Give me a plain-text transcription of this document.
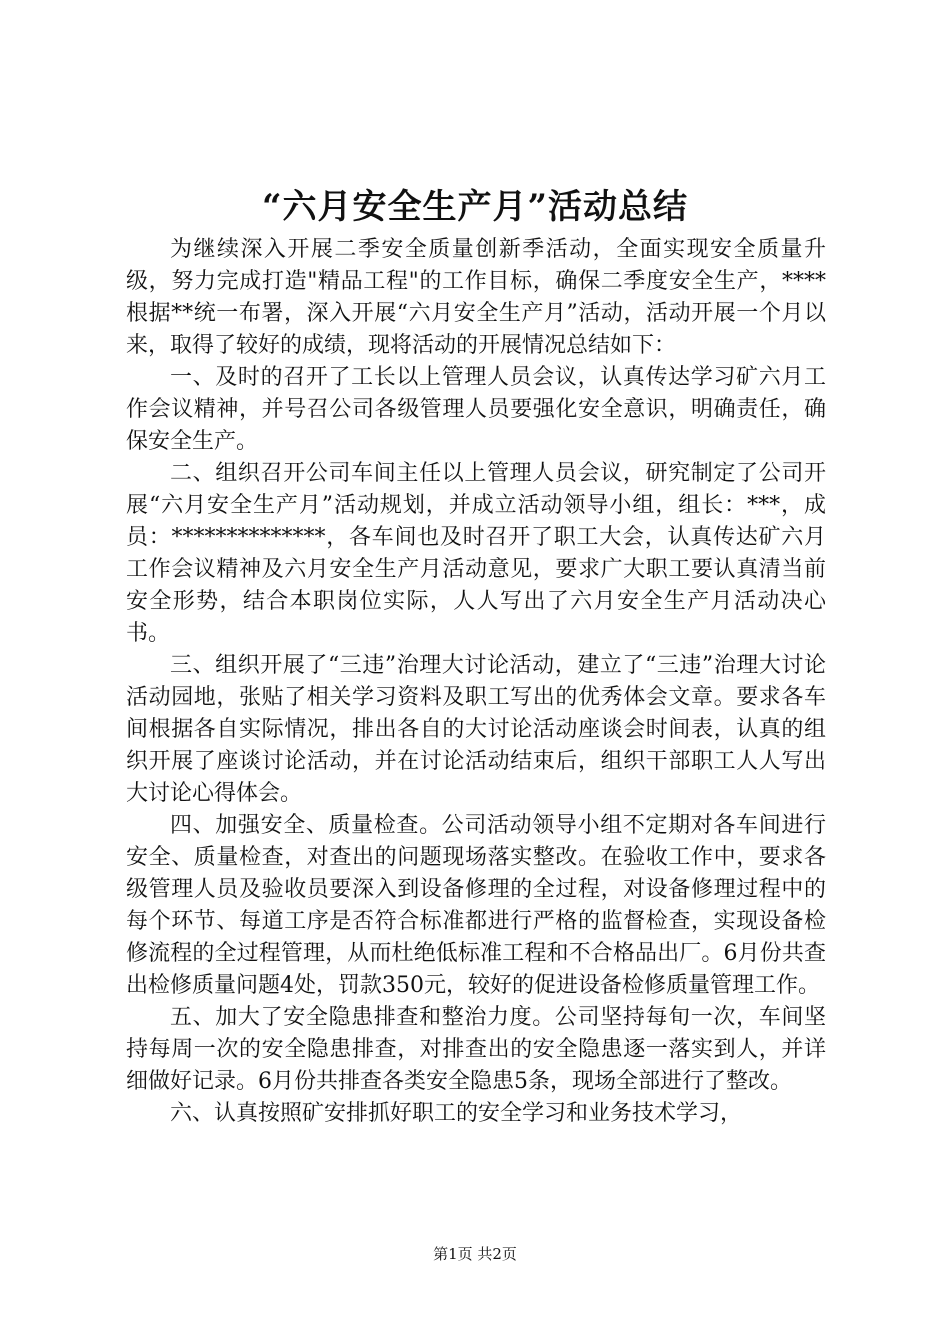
“六月安全生产月”活动总结

为继续深入开展二季安全质量创新季活动，全面实现安全质量升级，努力完成打造"精品工程"的工作目标，确保二季度安全生产，****根据**统一布署，深入开展“六月安全生产月”活动，活动开展一个月以来，取得了较好的成绩，现将活动的开展情况总结如下：

一、及时的召开了工长以上管理人员会议，认真传达学习矿六月工作会议精神，并号召公司各级管理人员要强化安全意识，明确责任，确保安全生产。

二、组织召开公司车间主任以上管理人员会议，研究制定了公司开展“六月安全生产月”活动规划，并成立活动领导小组，组长：***，成员：**************，各车间也及时召开了职工大会，认真传达矿六月工作会议精神及六月安全生产月活动意见，要求广大职工要认真清当前安全形势，结合本职岗位实际，人人写出了六月安全生产月活动决心书。

三、组织开展了“三违”治理大讨论活动，建立了“三违”治理大讨论活动园地，张贴了相关学习资料及职工写出的优秀体会文章。要求各车间根据各自实际情况，排出各自的大讨论活动座谈会时间表，认真的组织开展了座谈讨论活动，并在讨论活动结束后，组织干部职工人人写出大讨论心得体会。

四、加强安全、质量检查。公司活动领导小组不定期对各车间进行安全、质量检查，对查出的问题现场落实整改。在验收工作中，要求各级管理人员及验收员要深入到设备修理的全过程，对设备修理过程中的每个环节、每道工序是否符合标准都进行严格的监督检查，实现设备检修流程的全过程管理，从而杜绝低标准工程和不合格品出厂。6月份共查出检修质量问题4处，罚款350元，较好的促进设备检修质量管理工作。

五、加大了安全隐患排查和整治力度。公司坚持每旬一次，车间坚持每周一次的安全隐患排查，对排查出的安全隐患逐一落实到人，并详细做好记录。6月份共排查各类安全隐患5条，现场全部进行了整改。

六、认真按照矿安排抓好职工的安全学习和业务技术学习，

第1页 共2页
